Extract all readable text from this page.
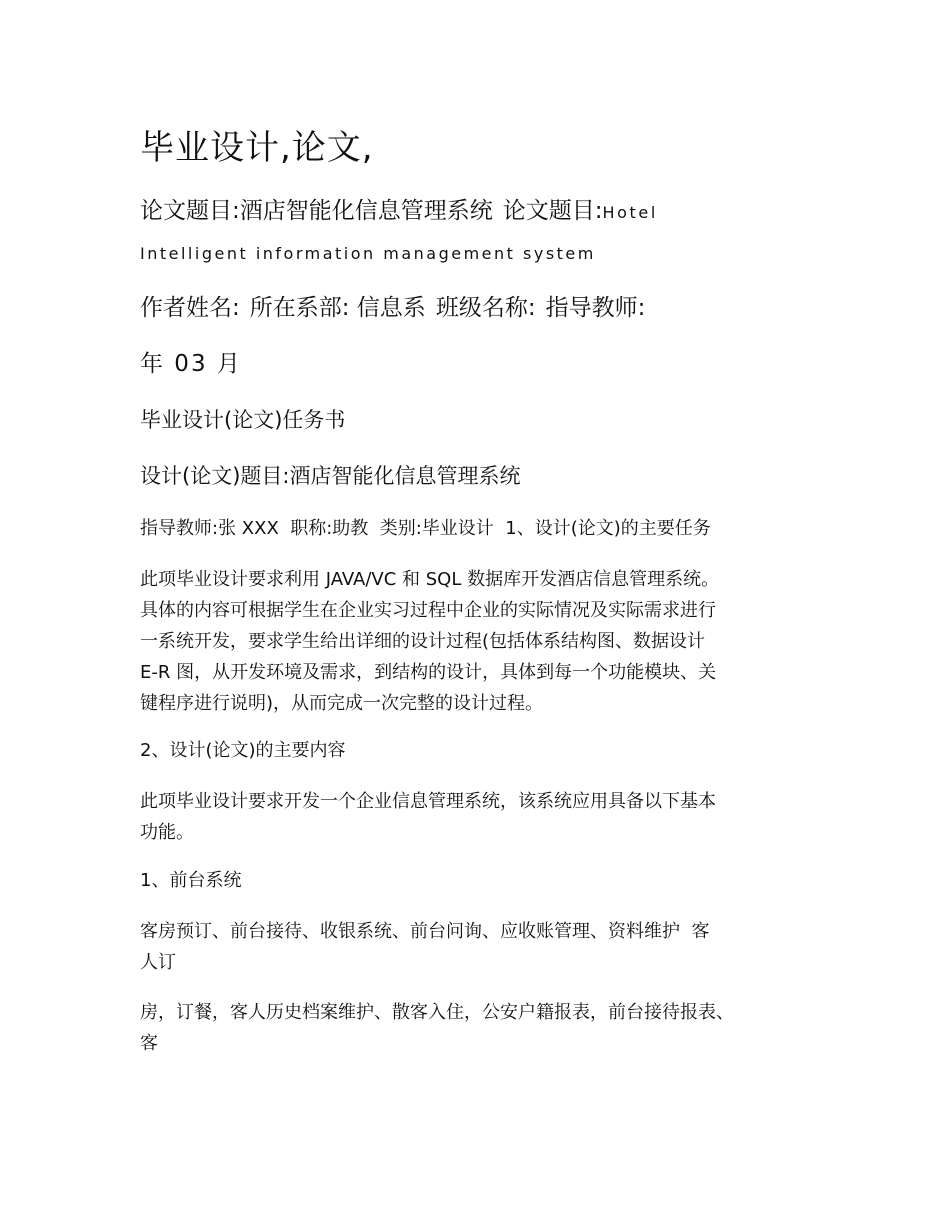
毕业设计,论文,
论文题目:酒店智能化信息管理系统 论文题目:Hotel
Intelligent information management system
作者姓名: 所在系部: 信息系 班级名称: 指导教师:
年 03 月
毕业设计(论文)任务书
设计(论文)题目:酒店智能化信息管理系统
指导教师:张 XXX  职称:助教  类别:毕业设计  1、设计(论文)的主要任务
此项毕业设计要求利用 JAVA/VC 和 SQL 数据库开发酒店信息管理系统。
具体的内容可根据学生在企业实习过程中企业的实际情况及实际需求进行
一系统开发，要求学生给出详细的设计过程(包括体系结构图、数据设计
E-R 图，从开发环境及需求，到结构的设计，具体到每一个功能模块、关
键程序进行说明)，从而完成一次完整的设计过程。
2、设计(论文)的主要内容
此项毕业设计要求开发一个企业信息管理系统，该系统应用具备以下基本
功能。
1、前台系统
客房预订、前台接待、收银系统、前台问询、应收账管理、资料维护  客
人订
房，订餐，客人历史档案维护、散客入住，公安户籍报表，前台接待报表、
客
